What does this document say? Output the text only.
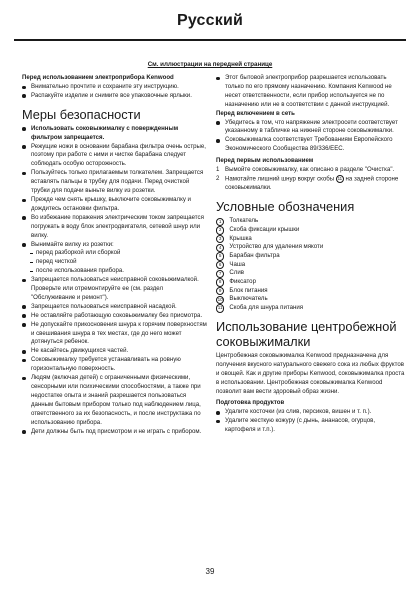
Русский
См. иллюстрации на передней странице
Перед использованием электроприбора Kenwood
Внимательно прочтите и сохраните эту инструкцию.
Распакуйте изделие и снимите все упаковочные ярлыки.
Меры безопасности
Использовать соковыжималку с повержденным фильтром запрещается.
Режущие ножи в основании барабана фильтра очень острые, поэтому при работе с ними и чистке барабана следует соблюдать особую осторожность.
Пользуйтесь только прилагаемым толкателем. Запрещается вставлять пальцы в трубку для подачи. Перед очисткой трубки для подачи выньте вилку из розетки.
Прежде чем снять крышку, выключите соковыжималку и дождитесь остановки фильтра.
Во избежание поражения электрическим током запрещается погружать в воду блок электродвигателя, сетевой шнур или вилку.
Вынимайте вилку из розетки:
перед разборкой или сборкой
перед чисткой
после использования прибора.
Запрещается пользоваться неисправной соковыжималкой. Проверьте или отремонтируйте ее (см. раздел "Обслуживание и ремонт").
Запрещается пользоваться неисправной насадкой.
Не оставляйте работающую соковыжималку без присмотра.
Не допускайте прикосновения шнура к горячим поверхностям и свешивания шнура в тех местах, где до него может дотянуться ребенок.
Не касайтесь движущихся частей.
Соковыжималку требуется устанавливать на ровную горизонтальную поверхность.
Людям (включая детей) с ограниченными физическими, сенсорными или психическими способностями, а также при недостатке опыта и знаний разрешается пользоваться данным бытовым прибором только под наблюдением лица, ответственного за их безопасность, и после инструктажа по использованию прибора.
Дети должны быть под присмотром и не играть с прибором.
Этот бытовой электроприбор разрешается использовать только по его прямому назначению. Компания Kenwood не несет ответственности, если прибор используется не по назначению или не в соответствии с данной инструкцией.
Перед включением в сеть
Убедитесь в том, что напряжение электросети соответствует указанному в табличке на нижней стороне соковыжималки.
Соковыжималка соответствует Требованиям Европейского Экономического Сообщества 89/336/EEC.
Перед первым использованием
1 Вымойте соковыжималку, как описано в разделе "Очистка".
2 Намотайте лишний шнур вокруг скобы 11 на задней стороне соковыжималки.
Условные обозначения
1	Толкатель
2	Скоба фиксации крышки
3	Крышка
4	Устройство для удаления мякоти
5	Барабан фильтра
6	Чаша
7	Слив
8	Фиксатор
9	Блок питания
10 Выключатель
11 Скоба для шнура питания
Использование центробежной соковыжималки
Центробежная соковыжималка Kenwood предназначена для получения вкусного натурального свежего сока из любых фруктов и овощей. Как и другие приборы Kenwood, соковыжималка проста в использовании. Центробежная соковыжималка Kenwood позволит вам вести здоровый образ жизни.
Подготовка продуктов
Удалите косточки (из слив, персиков, вишен и т. п.).
Удалите жесткую кожуру (с дынь, ананасов, огурцов, картофеля и т.п.).
39
